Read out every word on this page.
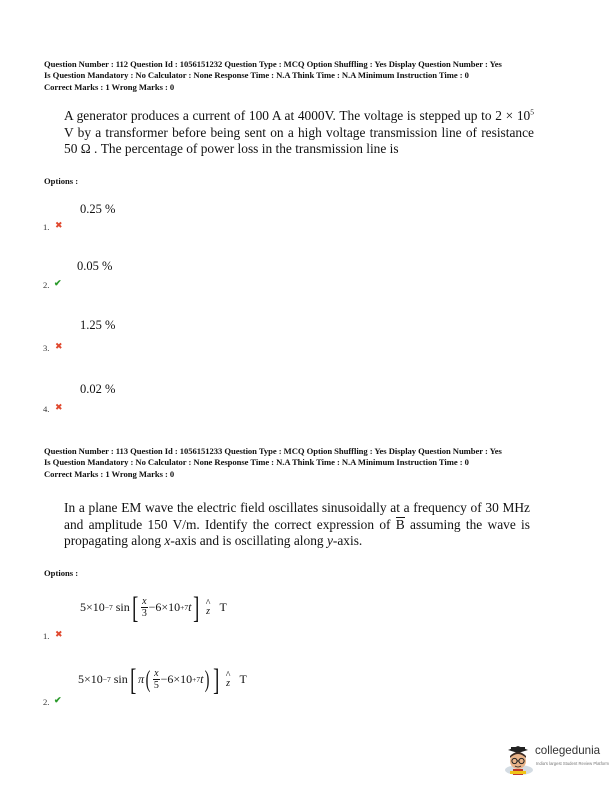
Question Number : 112 Question Id : 1056151232 Question Type : MCQ Option Shuffling : Yes Display Question Number : Yes
Is Question Mandatory : No Calculator : None Response Time : N.A Think Time : N.A Minimum Instruction Time : 0
Correct Marks : 1 Wrong Marks : 0
A generator produces a current of 100 A at 4000V. The voltage is stepped up to $2 \times 10^5$ V by a transformer before being sent on a high voltage transmission line of resistance 50 Ω . The percentage of power loss in the transmission line is
Options :
0.25 %
1. ✖
0.05 %
2. ✔
1.25 %
3. ✖
0.02 %
4. ✖
Question Number : 113 Question Id : 1056151233 Question Type : MCQ Option Shuffling : Yes Display Question Number : Yes
Is Question Mandatory : No Calculator : None Response Time : N.A Think Time : N.A Minimum Instruction Time : 0
Correct Marks : 1 Wrong Marks : 0
In a plane EM wave the electric field oscillates sinusoidally at a frequency of 30 MHz and amplitude 150 V/m. Identify the correct expression of
B assuming the wave is propagating along x-axis and is oscillating along y-axis.
Options :
5×10 −7 sin [ $\frac{x}{3} -6\times 10 +7$ t ] ^
z T
1. ✖
5×10 −7 sin [ π ( $\frac{x}{5} -6\times 10 +7$ t ) ] ^
z T
2. ✔
collegedunia
India's largest Student Review Platform
